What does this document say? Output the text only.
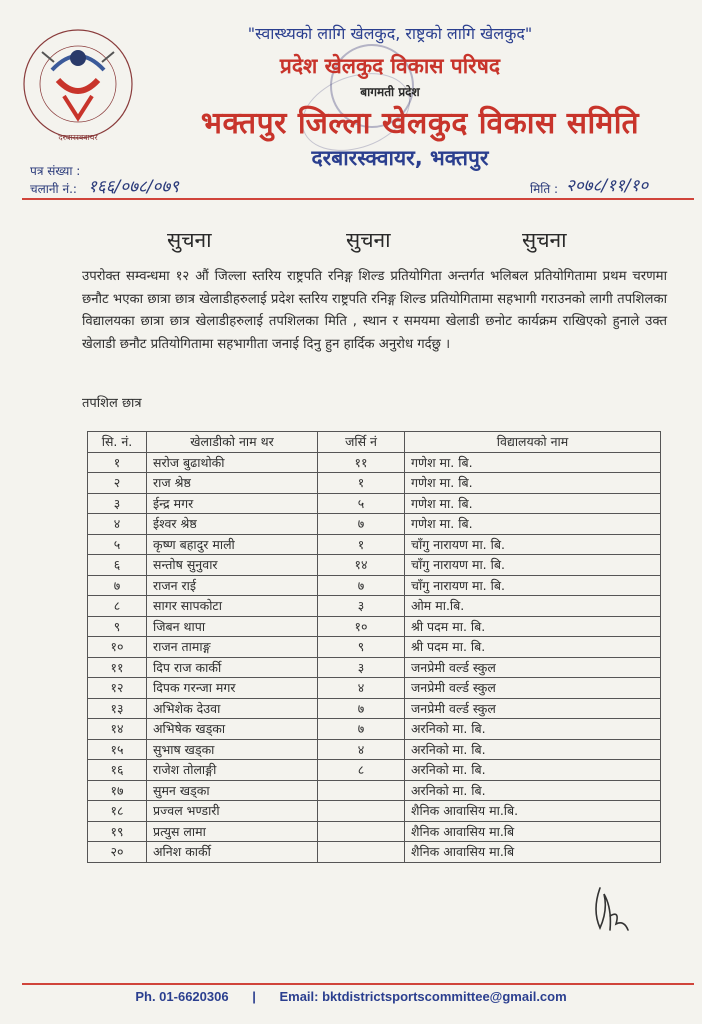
दरबारस्क्वायर
"स्वास्थ्यको लागि खेलकुद, राष्ट्रको लागि खेलकुद"
प्रदेश खेलकुद विकास परिषद
बागमती प्रदेश
भक्तपुर जिल्ला खेलकुद विकास समिति
दरबारस्क्वायर, भक्तपुर
पत्र संख्या :
चलानी नं.: १६६/०७८/०७९	मिति : २०७८/११/१०
सुचना	सुचना	सुचना
उपरोक्त सम्वन्धमा १२ औं जिल्ला स्तरिय राष्ट्रपति रनिङ्ग शिल्ड प्रतियोगिता अन्तर्गत भलिबल प्रतियोगितामा प्रथम चरणमा छनौट भएका छात्रा छात्र खेलाडीहरुलाई प्रदेश स्तरिय राष्ट्रपति रनिङ्ग शिल्ड प्रतियोगितामा सहभागी गराउनको लागी तपशिलका विद्यालयका छात्रा छात्र खेलाडीहरुलाई तपशिलका मिति , स्थान र समयमा खेलाडी छनोट कार्यक्रम राखिएको हुनाले उक्त खेलाडी छनौट प्रतियोगितामा सहभागीता जनाई दिनु हुन हार्दिक अनुरोध गर्दछु ।
तपशिल छात्र
सि. नं.	खेलाडीको नाम थर	जर्सि नं	विद्यालयको नाम
१	सरोज बुढाथोकी	११	गणेश मा. बि.
२	राज श्रेष्ठ	१	गणेश मा. बि.
३	ईन्द्र मगर	५	गणेश मा. बि.
४	ईश्वर श्रेष्ठ	७	गणेश मा. बि.
५	कृष्ण बहादुर माली	१	चाँगु नारायण मा. बि.
६	सन्तोष सुनुवार	१४	चाँगु नारायण मा. बि.
७	राजन राई	७	चाँगु नारायण मा. बि.
८	सागर सापकोटा	३	ओम मा.बि.
९	जिबन थापा	१०	श्री पदम मा. बि.
१०	राजन तामाङ्ग	९	श्री पदम मा. बि.
११	दिप राज कार्की	३	जनप्रेमी वर्ल्ड स्कुल
१२	दिपक गरन्जा मगर	४	जनप्रेमी वर्ल्ड स्कुल
१३	अभिशेक देउवा	७	जनप्रेमी वर्ल्ड स्कुल
१४	अभिषेक खड्का	७	अरनिको मा. बि.
१५	सुभाष खड्का	४	अरनिको मा. बि.
१६	राजेश तोलाङ्गी	८	अरनिको मा. बि.
१७	सुमन खड्का		अरनिको मा. बि.
१८	प्रज्वल भण्डारी		शैनिक आवासिय मा.बि.
१९	प्रत्युस लामा		शैनिक आवासिय मा.बि
२०	अनिश कार्की		शैनिक आवासिय मा.बि
Ph. 01-6620306 | Email: bktdistrictsportscommittee@gmail.com
